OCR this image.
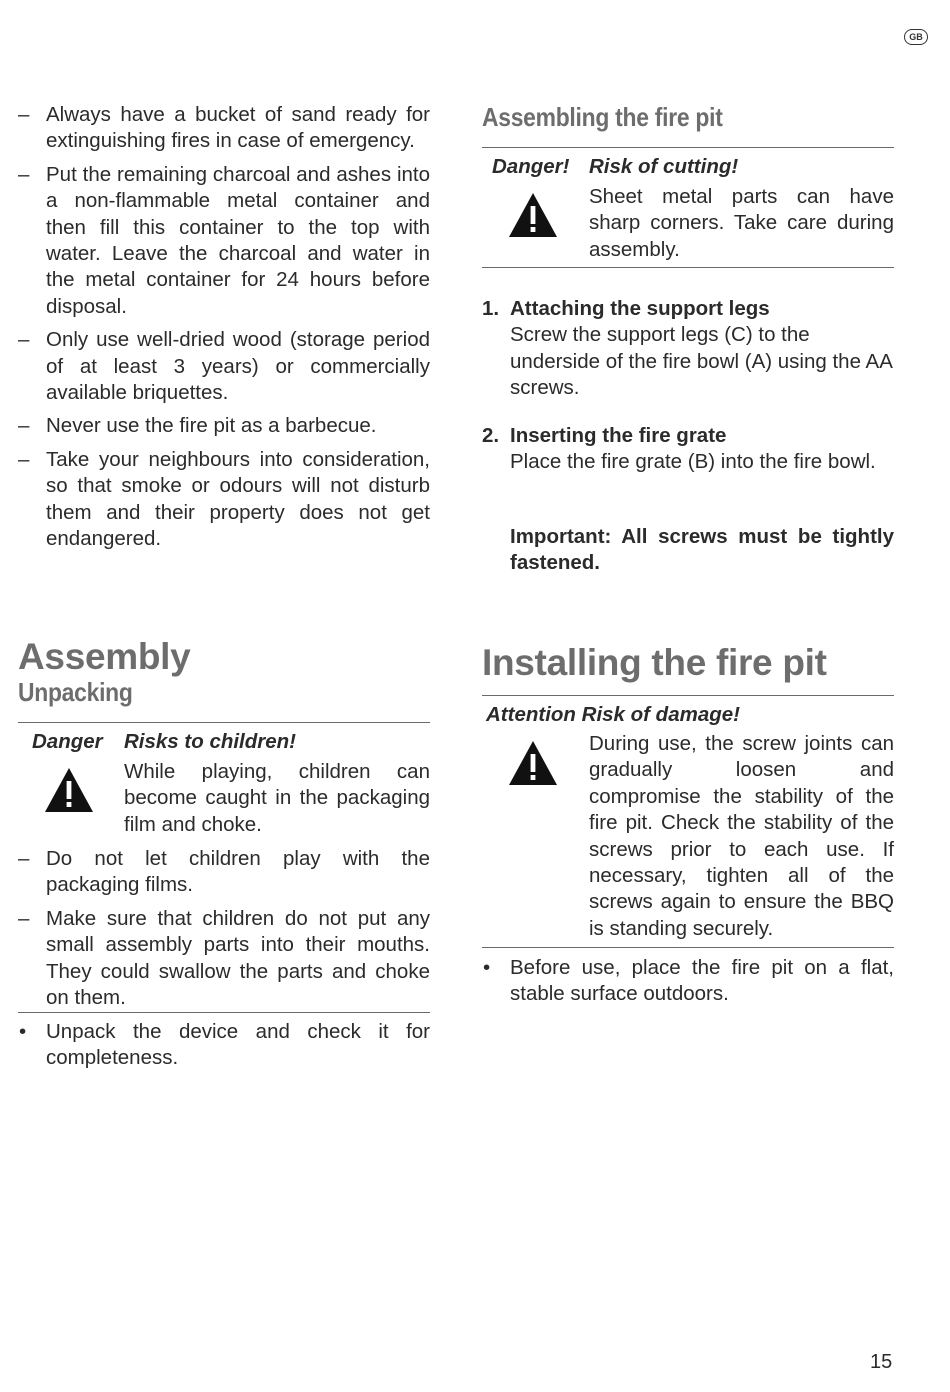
GB
– Always have a bucket of sand ready for extinguishing fires in case of emergency.
– Put the remaining charcoal and ashes into a non-flammable metal container and then fill this container to the top with water. Leave the charcoal and water in the metal container for 24 hours before disposal.
– Only use well-dried wood (storage period of at least 3 years) or commercially available briquettes.
– Never use the fire pit as a barbecue.
– Take your neighbours into consideration, so that smoke or odours will not disturb them and their property does not get endangered.
Assembly
Unpacking
Danger Risks to children!
While playing, children can become caught in the packaging film and choke.
– Do not let children play with the packaging films.
– Make sure that children do not put any small assembly parts into their mouths. They could swallow the parts and choke on them.
• Unpack the device and check it for completeness.
Assembling the fire pit
Danger! Risk of cutting!
Sheet metal parts can have sharp corners. Take care during assembly.
1. Attaching the support legs
Screw the support legs (C) to the underside of the fire bowl (A) using the AA screws.
2. Inserting the fire grate
Place the fire grate (B) into the fire bowl.
Important: All screws must be tightly fastened.
Installing the fire pit
Attention Risk of damage!
During use, the screw joints can gradually loosen and compromise the stability of the fire pit. Check the stability of the screws prior to each use. If necessary, tighten all of the screws again to ensure the BBQ is standing securely.
• Before use, place the fire pit on a flat, stable surface outdoors.
15
